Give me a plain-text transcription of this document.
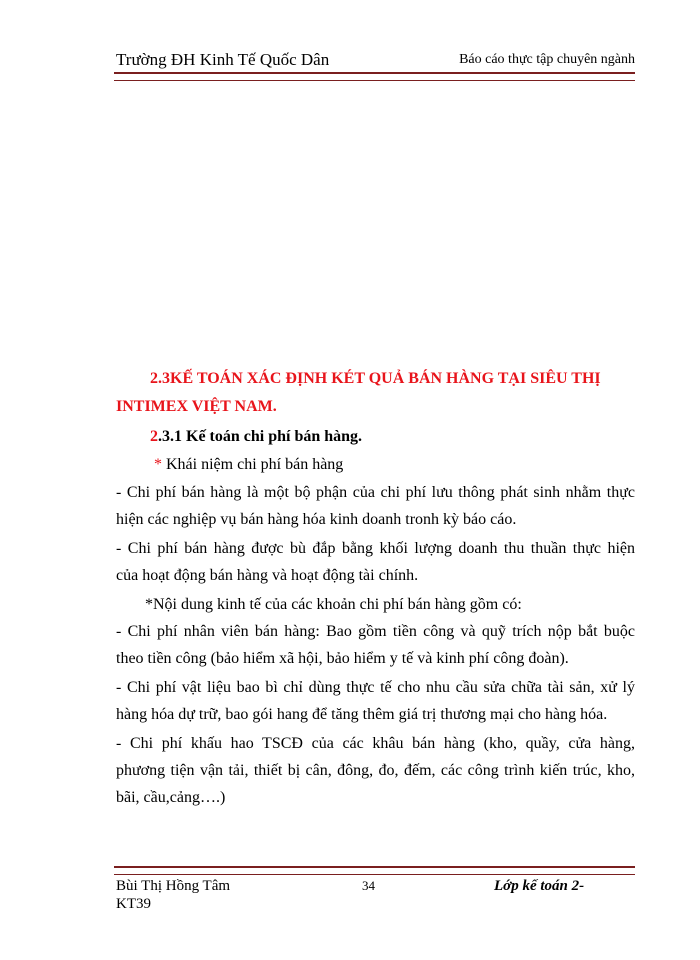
Trường ĐH Kinh Tế Quốc Dân	Báo cáo thực tập chuyên ngành
2.3KẾ TOÁN XÁC ĐỊNH KÉT QUẢ BÁN HÀNG TẠI SIÊU THỊ
INTIMEX VIỆT NAM.
2.3.1 Kế toán chi phí bán hàng.
* Khái niệm chi phí bán hàng
- Chi phí bán hàng là một bộ phận của chi phí lưu thông phát sinh nhằm thực
hiện các nghiệp vụ bán hàng hóa kinh doanh tronh kỳ báo cáo.
- Chi phí bán hàng được bù đắp bằng khối lượng doanh thu thuần thực hiện
của hoạt động bán hàng và hoạt động tài chính.
*Nội dung kinh tế của các khoản chi phí bán hàng gồm có:
- Chi phí nhân viên bán hàng: Bao gồm tiền công và quỹ trích nộp bắt buộc
theo tiền công (bảo hiểm xã hội, bảo hiểm y tế và kinh phí công đoàn).
- Chi phí vật liệu bao bì chỉ dùng thực tế cho nhu cầu sửa chữa tài sản, xử lý
hàng hóa dự trữ, bao gói hang để tăng thêm giá trị thương mại cho hàng hóa.
- Chi phí khấu hao TSCĐ của các khâu bán hàng (kho, quầy, cửa hàng,
phương tiện vận tải, thiết bị cân, đông, đo, đếm, các công trình kiến trúc, kho,
bãi, cầu,cảng….)
Bùi Thị Hồng Tâm	34	Lớp kế toán 2-
KT39
